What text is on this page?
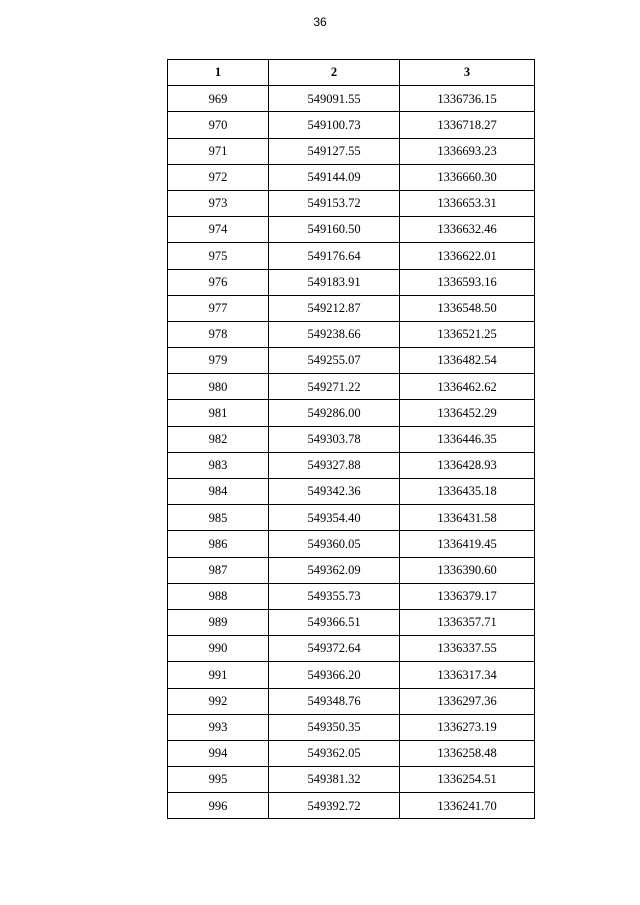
36
1	2	3
969	549091.55	1336736.15
970	549100.73	1336718.27
971	549127.55	1336693.23
972	549144.09	1336660.30
973	549153.72	1336653.31
974	549160.50	1336632.46
975	549176.64	1336622.01
976	549183.91	1336593.16
977	549212.87	1336548.50
978	549238.66	1336521.25
979	549255.07	1336482.54
980	549271.22	1336462.62
981	549286.00	1336452.29
982	549303.78	1336446.35
983	549327.88	1336428.93
984	549342.36	1336435.18
985	549354.40	1336431.58
986	549360.05	1336419.45
987	549362.09	1336390.60
988	549355.73	1336379.17
989	549366.51	1336357.71
990	549372.64	1336337.55
991	549366.20	1336317.34
992	549348.76	1336297.36
993	549350.35	1336273.19
994	549362.05	1336258.48
995	549381.32	1336254.51
996	549392.72	1336241.70
